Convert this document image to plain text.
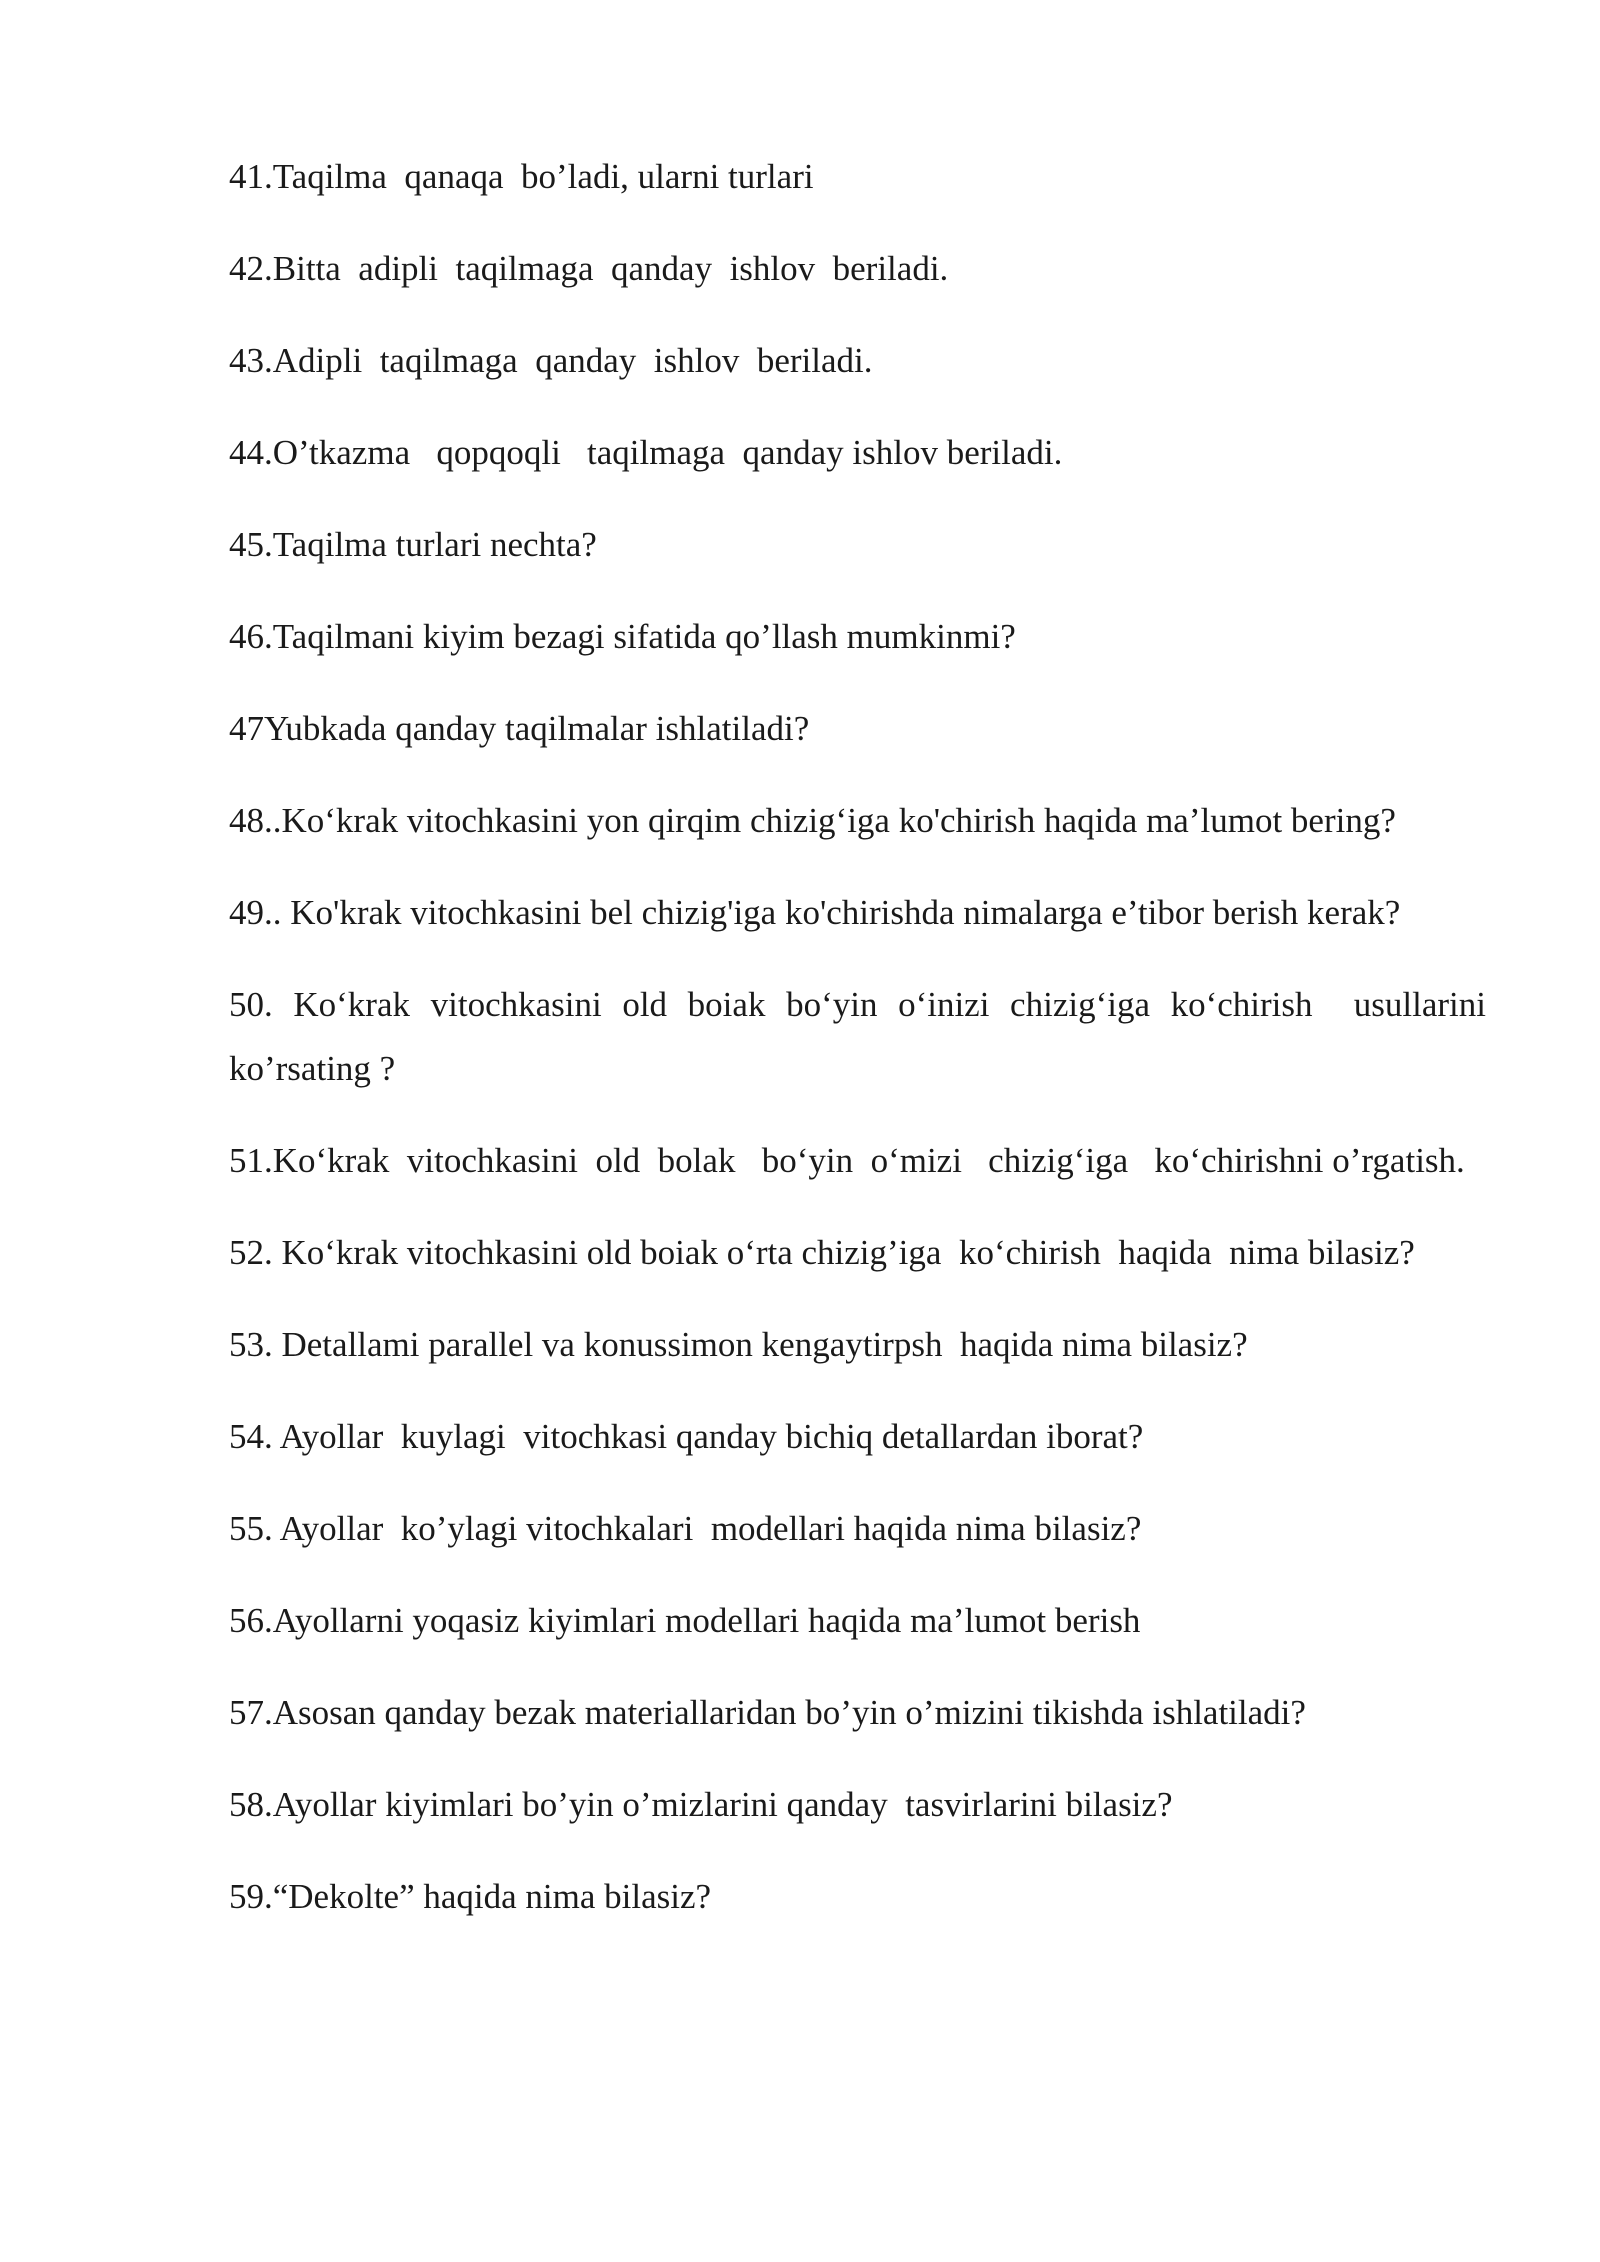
41.Taqilma  qanaqa  bo’ladi, ularni turlari
42.Bitta  adipli  taqilmaga  qanday  ishlov  beriladi.
43.Adipli  taqilmaga  qanday  ishlov  beriladi.
44.O’tkazma   qopqoqli   taqilmaga  qanday ishlov beriladi.
45.Taqilma turlari nechta?
46.Taqilmani kiyim bezagi sifatida qo’llash mumkinmi?
47Yubkada qanday taqilmalar ishlatiladi?
48..Ko‘krak vitochkasini yon qirqim chizig‘iga ko'chirish haqida ma’lumot bering?
49.. Ko'krak vitochkasini bel chizig'iga ko'chirishda nimalarga e’tibor berish kerak?
50. Ko‘krak vitochkasini old boiak bo‘yin o‘inizi chizig‘iga ko‘chirish  usullarini ko’rsating ?
51.Ko‘krak  vitochkasini  old  bolak   bo‘yin  o‘mizi   chizig‘iga   ko‘chirishni o’rgatish.
52. Ko‘krak vitochkasini old boiak o‘rta chizig’iga  ko‘chirish  haqida  nima bilasiz?
53. Detallami parallel va konussimon kengaytirpsh  haqida nima bilasiz?
54. Ayollar  kuylagi  vitochkasi qanday bichiq detallardan iborat?
55. Ayollar  ko’ylagi vitochkalari  modellari haqida nima bilasiz?
56.Ayollarni yoqasiz kiyimlari modellari haqida ma’lumot berish
57.Asosan qanday bezak materiallaridan bo’yin o’mizini tikishda ishlatiladi?
58.Ayollar kiyimlari bo’yin o’mizlarini qanday  tasvirlarini bilasiz?
59.“Dekolte” haqida nima bilasiz?
